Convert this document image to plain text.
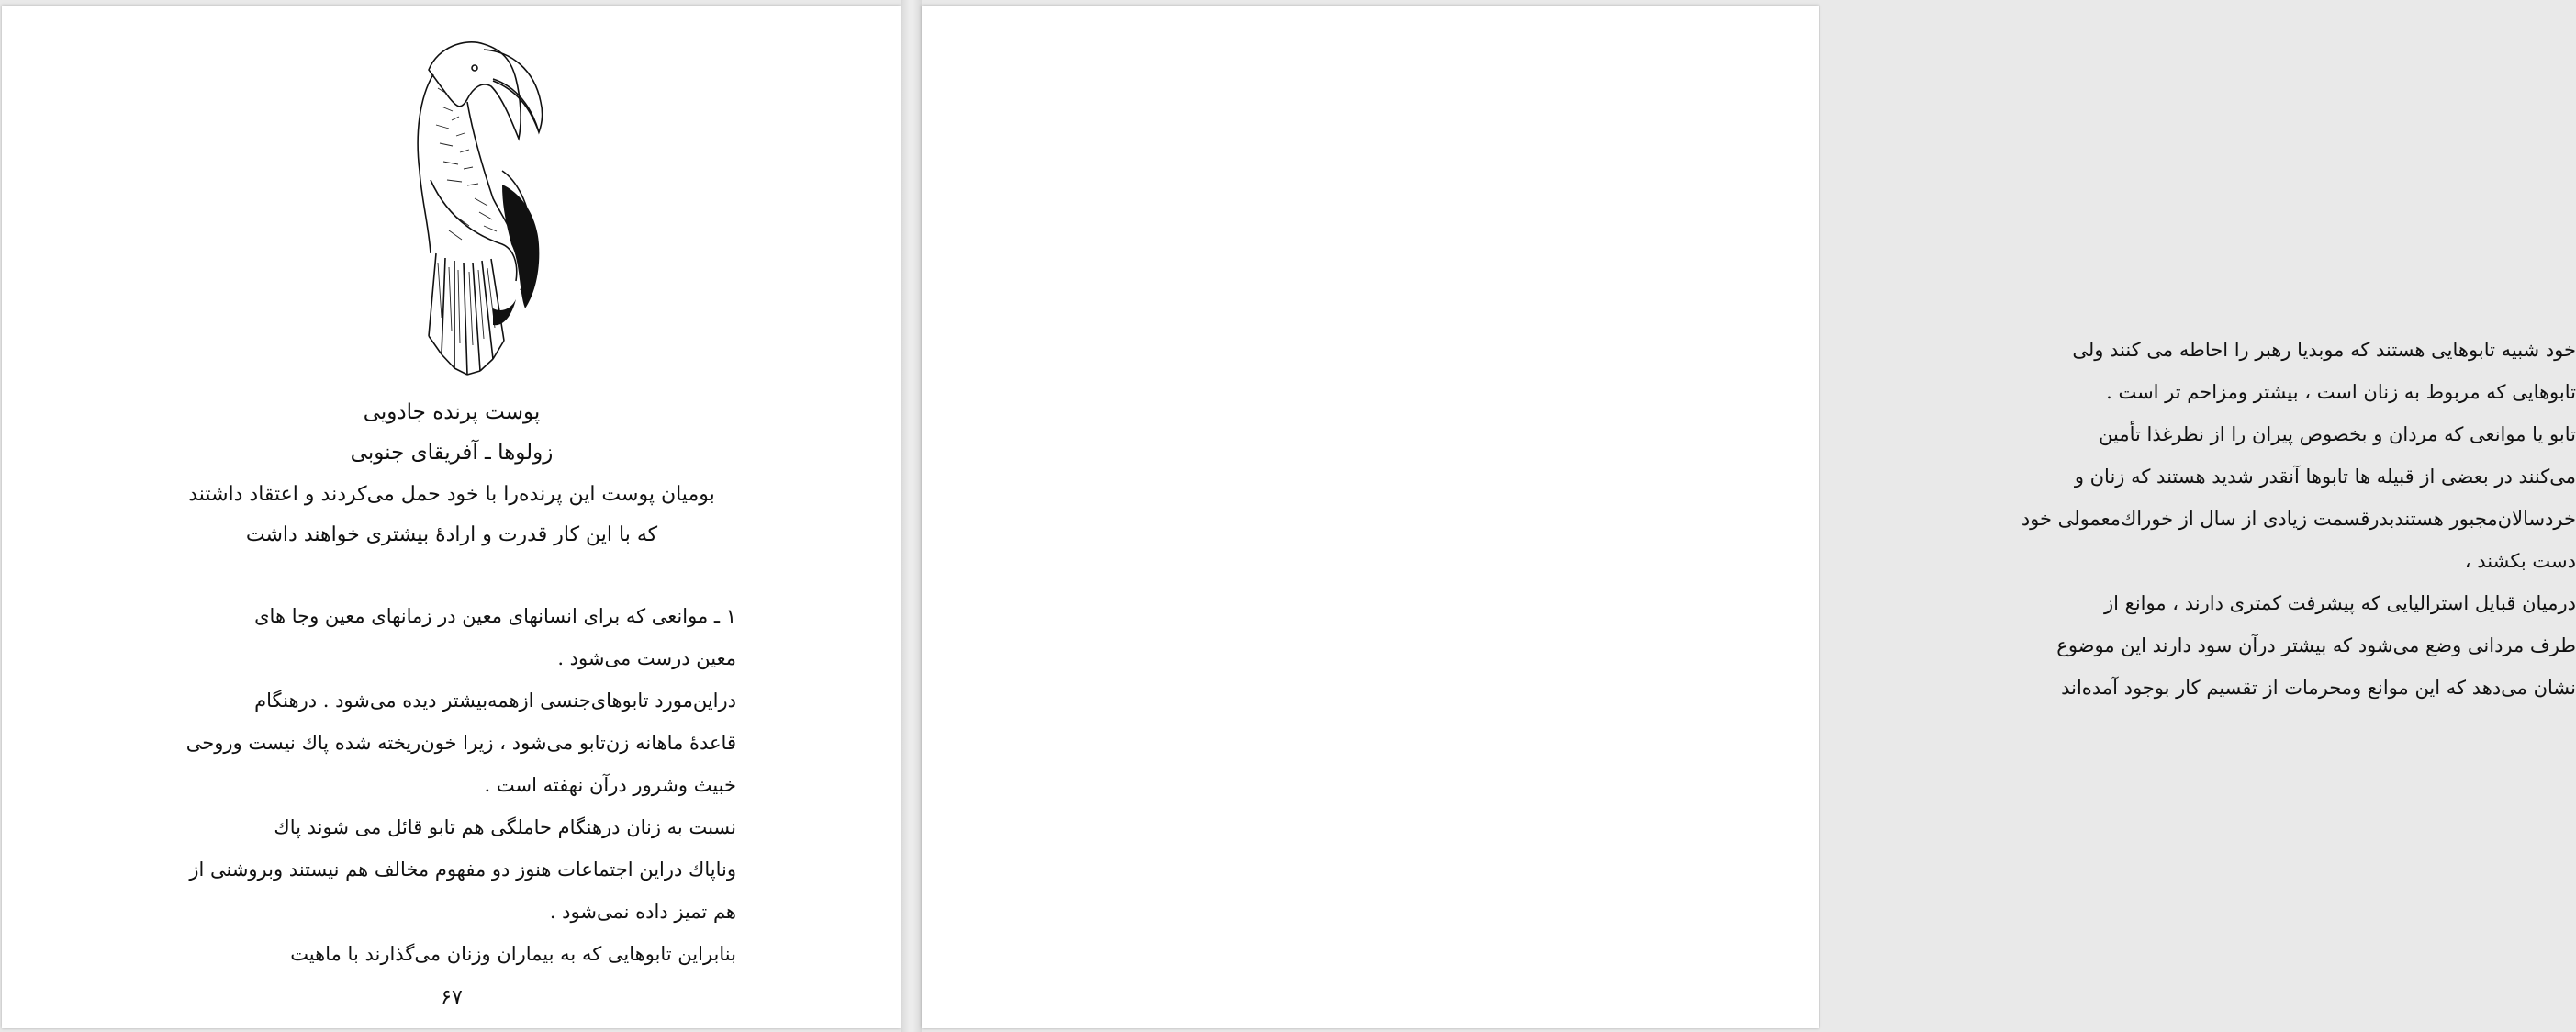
پوست پرنده جادویی
زولوها ـ آفریقای جنوبی
بومیان پوست این پرنده‌را با خود حمل می‌کردند و اعتقاد داشتند
که با این کار قدرت و ارادهٔ بیشتری خواهند داشت
۱ ـ موانعی که برای انسانهای معین در زمانهای معین وجا های
معین درست می‌شود .
دراین‌مورد تابوهای‌جنسی ازهمه‌بیشتر دیده می‌شود . درهنگام
قاعدهٔ ماهانه زن‌تابو می‌شود ، زیرا خون‌ریخته شده پاك نیست وروحی
خبیث وشرور در‌آن نهفته است .
نسبت به زنان درهنگام حاملگی هم تابو قائل می شوند پاك
وناپاك دراین اجتماعات هنوز دو مفهوم مخالف هم نیستند وبروشنی از
هم تمیز داده نمی‌شود .
بنابراین تابوهایی که به بیماران وزنان می‌گذارند با ماهیت
۶۷
خود شبیه تابوهایی هستند که موبدیا رهبر را احاطه می کنند ولی
تابوهایی که مربوط به زنان است ، بیشتر ومزاحم تر است .
تابو یا موانعی که مردان و بخصوص پیران را از نظرغذا تأمین
می‌کنند در بعضی از قبیله ها تابوها آنقدر شدید هستند که زنان و
خردسالان‌مجبور هستندبدرقسمت زیادی از سال از خوراك‌معمولی خود
دست بکشند ،
درمیان قبایل استرالیایی که پیشرفت کمتری دارند ، موانع از
طرف مردانی وضع می‌شود که بیشتر درآن سود دارند این موضوع
نشان می‌دهد که این موانع ومحرمات از تقسیم کار بوجود آمده‌اند
